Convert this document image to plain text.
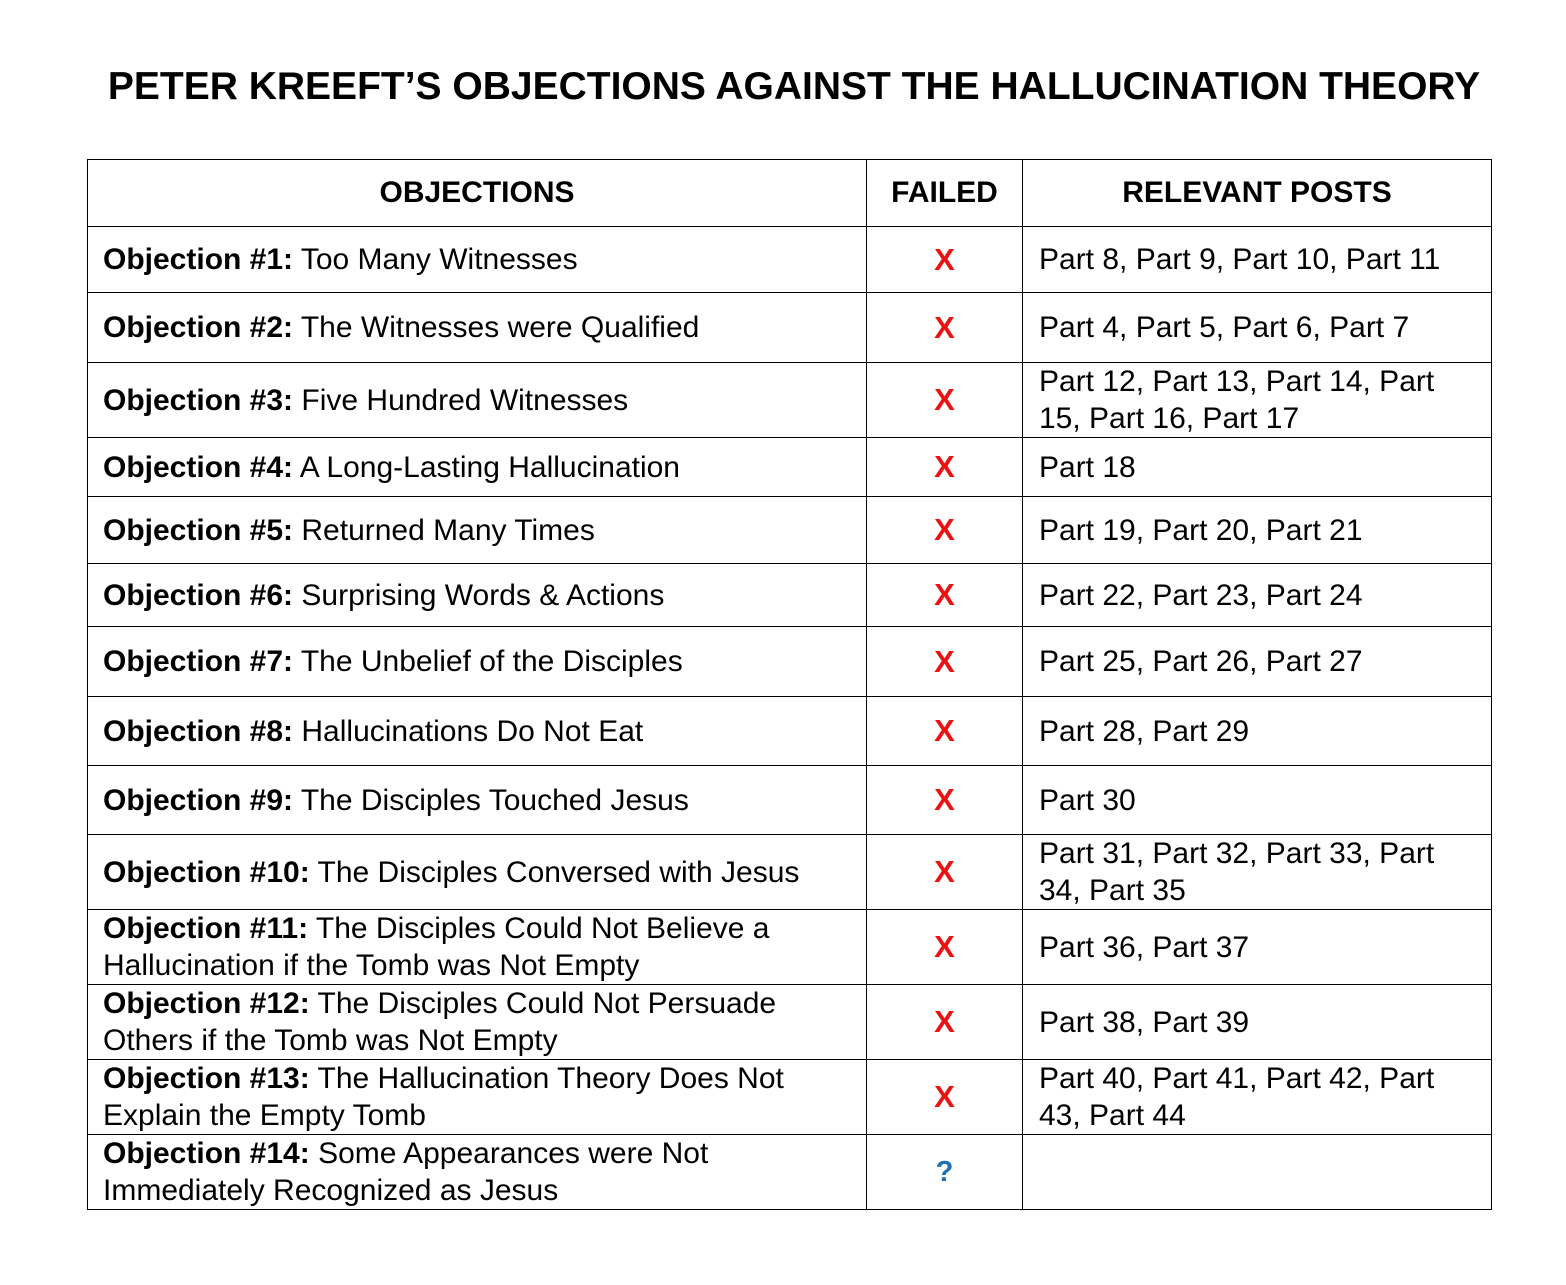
PETER KREEFT’S OBJECTIONS AGAINST THE HALLUCINATION THEORY
OBJECTIONS	FAILED	RELEVANT POSTS
Objection #1: Too Many Witnesses	X	Part 8, Part 9, Part 10, Part 11
Objection #2: The Witnesses were Qualified	X	Part 4, Part 5, Part 6, Part 7
Objection #3: Five Hundred Witnesses	X	Part 12, Part 13, Part 14, Part 15, Part 16, Part 17
Objection #4: A Long-Lasting Hallucination	X	Part 18
Objection #5: Returned Many Times	X	Part 19, Part 20, Part 21
Objection #6: Surprising Words & Actions	X	Part 22, Part 23, Part 24
Objection #7: The Unbelief of the Disciples	X	Part 25, Part 26, Part 27
Objection #8: Hallucinations Do Not Eat	X	Part 28, Part 29
Objection #9: The Disciples Touched Jesus	X	Part 30
Objection #10: The Disciples Conversed with Jesus	X	Part 31, Part 32, Part 33, Part 34, Part 35
Objection #11: The Disciples Could Not Believe a Hallucination if the Tomb was Not Empty	X	Part 36, Part 37
Objection #12: The Disciples Could Not Persuade Others if the Tomb was Not Empty	X	Part 38, Part 39
Objection #13: The Hallucination Theory Does Not Explain the Empty Tomb	X	Part 40, Part 41, Part 42, Part 43, Part 44
Objection #14: Some Appearances were Not Immediately Recognized as Jesus	?	
